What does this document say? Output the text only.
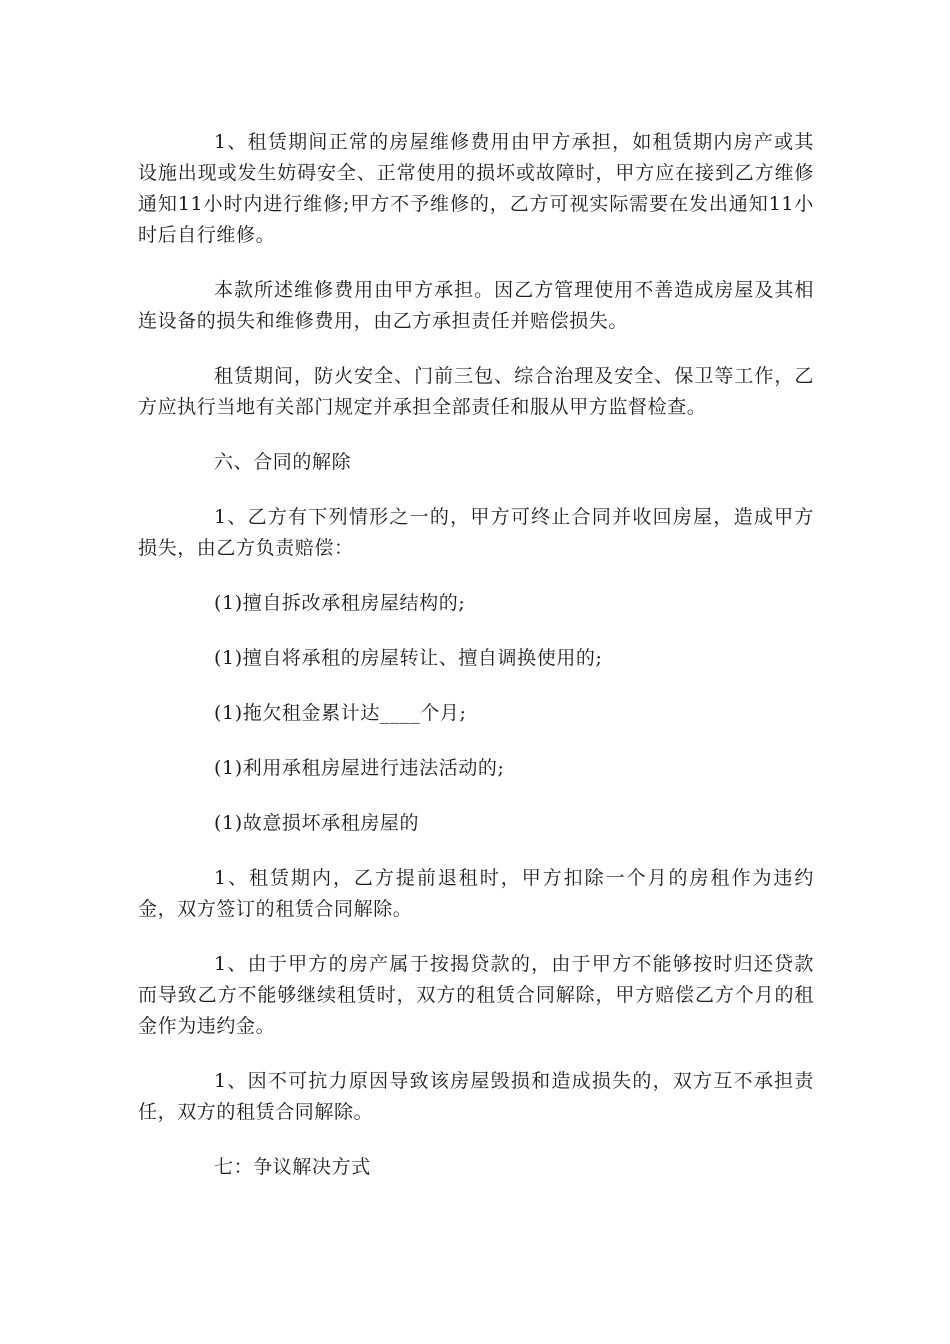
1、租赁期间正常的房屋维修费用由甲方承担，如租赁期内房产或其设施出现或发生妨碍安全、正常使用的损坏或故障时，甲方应在接到乙方维修通知11小时内进行维修;甲方不予维修的，乙方可视实际需要在发出通知11小时后自行维修。

本款所述维修费用由甲方承担。因乙方管理使用不善造成房屋及其相连设备的损失和维修费用，由乙方承担责任并赔偿损失。

租赁期间，防火安全、门前三包、综合治理及安全、保卫等工作，乙方应执行当地有关部门规定并承担全部责任和服从甲方监督检查。

六、合同的解除

1、乙方有下列情形之一的，甲方可终止合同并收回房屋，造成甲方损失，由乙方负责赔偿：

(1)擅自拆改承租房屋结构的;

(1)擅自将承租的房屋转让、擅自调换使用的;

(1)拖欠租金累计达____个月;

(1)利用承租房屋进行违法活动的;

(1)故意损坏承租房屋的

1、租赁期内，乙方提前退租时，甲方扣除一个月的房租作为违约金，双方签订的租赁合同解除。

1、由于甲方的房产属于按揭贷款的，由于甲方不能够按时归还贷款而导致乙方不能够继续租赁时，双方的租赁合同解除，甲方赔偿乙方个月的租金作为违约金。

1、因不可抗力原因导致该房屋毁损和造成损失的，双方互不承担责任，双方的租赁合同解除。

七：争议解决方式
